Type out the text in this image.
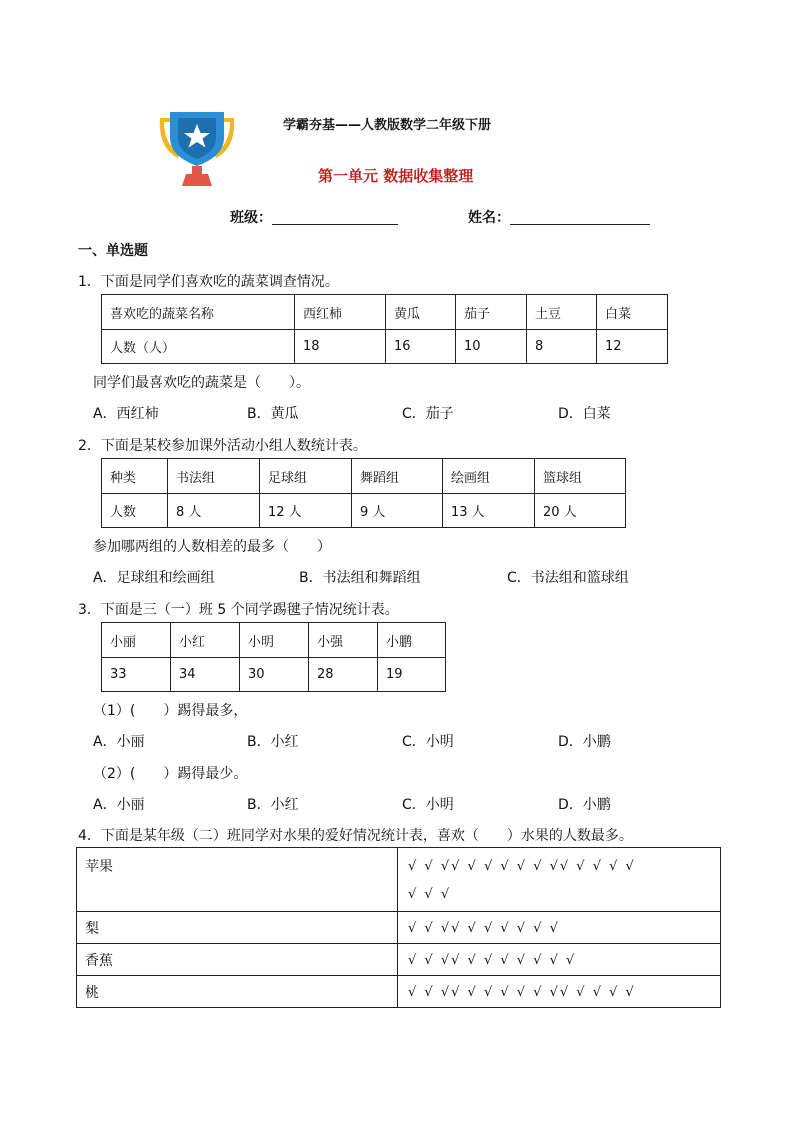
学霸夯基——人教版数学二年级下册
第一单元 数据收集整理
班级：	姓名：
一、单选题
1．下面是同学们喜欢吃的蔬菜调查情况。
喜欢吃的蔬菜名称	西红柿	黄瓜	茄子	土豆	白菜
人数（人）	18	16	10	8	12
同学们最喜欢吃的蔬菜是（　　）。
A．西红柿	B．黄瓜	C．茄子	D．白菜
2．下面是某校参加课外活动小组人数统计表。
种类	书法组	足球组	舞蹈组	绘画组	篮球组
人数	8 人	12 人	9 人	13 人	20 人
参加哪两组的人数相差的最多（　　）
A．足球组和绘画组	B．书法组和舞蹈组	C．书法组和篮球组
3．下面是三（一）班 5 个同学踢毽子情况统计表。
小丽	小红	小明	小强	小鹏
33	34	30	28	19
（1）(　　）踢得最多，
A．小丽	B．小红	C．小明	D．小鹏
（2）(　　）踢得最少。
A．小丽	B．小红	C．小明	D．小鹏
4．下面是某年级（二）班同学对水果的爱好情况统计表，喜欢（　　）水果的人数最多。
苹果	√ √ √√ √ √ √ √ √ √√ √ √ √ √
√ √ √

梨	√ √ √√ √ √ √ √ √ √
香蕉	√ √ √√ √ √ √ √ √ √ √
桃	√ √ √√ √ √ √ √ √ √√ √ √ √ √
